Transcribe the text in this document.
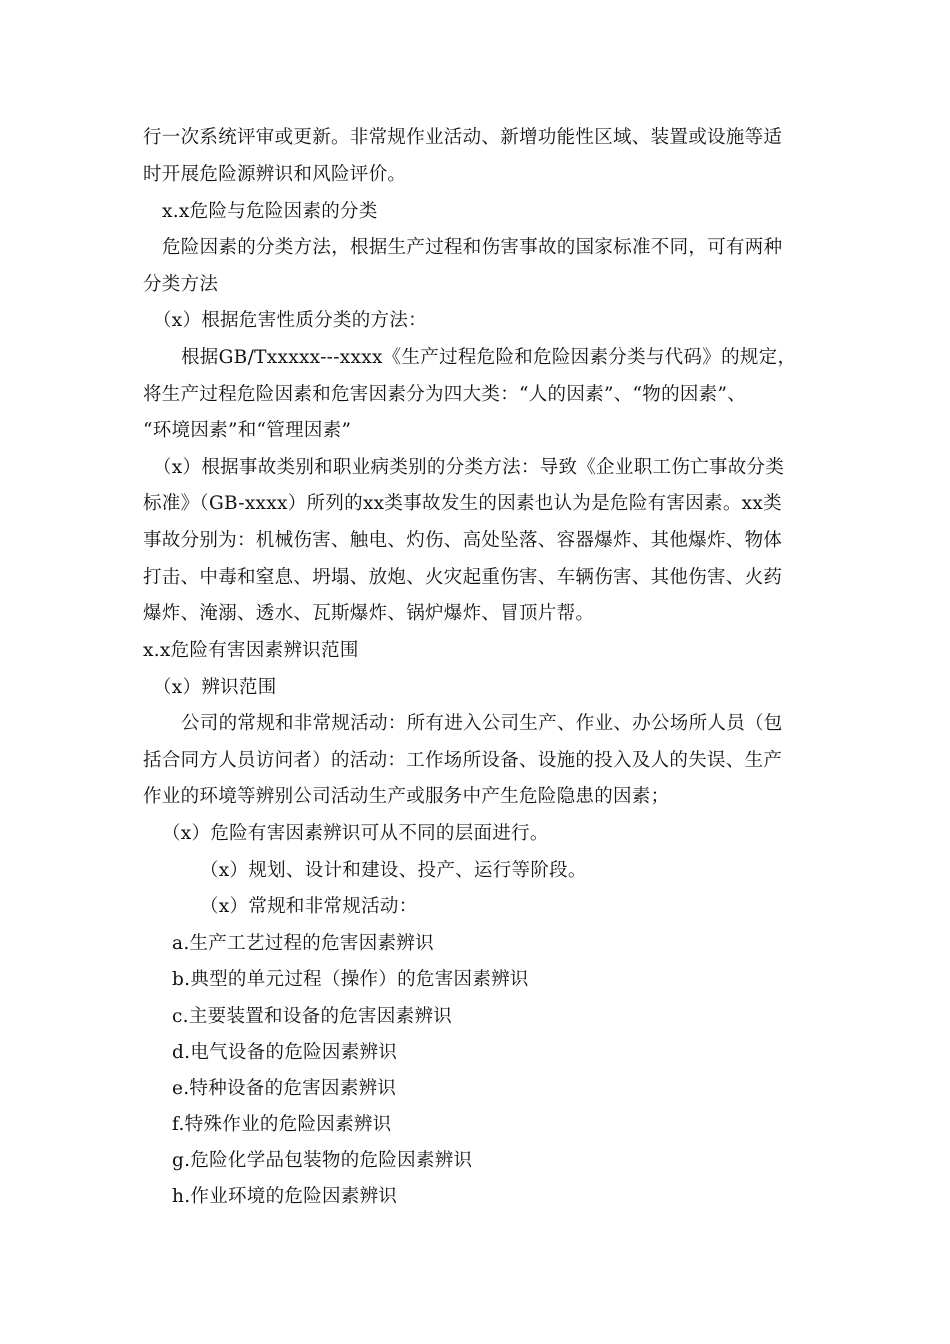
行一次系统评审或更新。非常规作业活动、新增功能性区域、装置或设施等适
时开展危险源辨识和风险评价。
x.x危险与危险因素的分类
危险因素的分类方法，根据生产过程和伤害事故的国家标准不同，可有两种
分类方法
（x）根据危害性质分类的方法：
根据GB/Txxxxx---xxxx《生产过程危险和危险因素分类与代码》的规定，
将生产过程危险因素和危害因素分为四大类：“人的因素”、“物的因素”、
“环境因素”和“管理因素”
（x）根据事故类别和职业病类别的分类方法：导致《企业职工伤亡事故分类
标准》（GB-xxxx）所列的xx类事故发生的因素也认为是危险有害因素。xx类
事故分别为：机械伤害、触电、灼伤、高处坠落、容器爆炸、其他爆炸、物体
打击、中毒和窒息、坍塌、放炮、火灾起重伤害、车辆伤害、其他伤害、火药
爆炸、淹溺、透水、瓦斯爆炸、锅炉爆炸、冒顶片帮。
x.x危险有害因素辨识范围
（x）辨识范围
公司的常规和非常规活动：所有进入公司生产、作业、办公场所人员（包
括合同方人员访问者）的活动：工作场所设备、设施的投入及人的失误、生产
作业的环境等辨别公司活动生产或服务中产生危险隐患的因素；
（x）危险有害因素辨识可从不同的层面进行。
（x）规划、设计和建设、投产、运行等阶段。
（x）常规和非常规活动：
a.生产工艺过程的危害因素辨识
b.典型的单元过程（操作）的危害因素辨识
c.主要装置和设备的危害因素辨识
d.电气设备的危险因素辨识
e.特种设备的危害因素辨识
f.特殊作业的危险因素辨识
g.危险化学品包装物的危险因素辨识
h.作业环境的危险因素辨识
